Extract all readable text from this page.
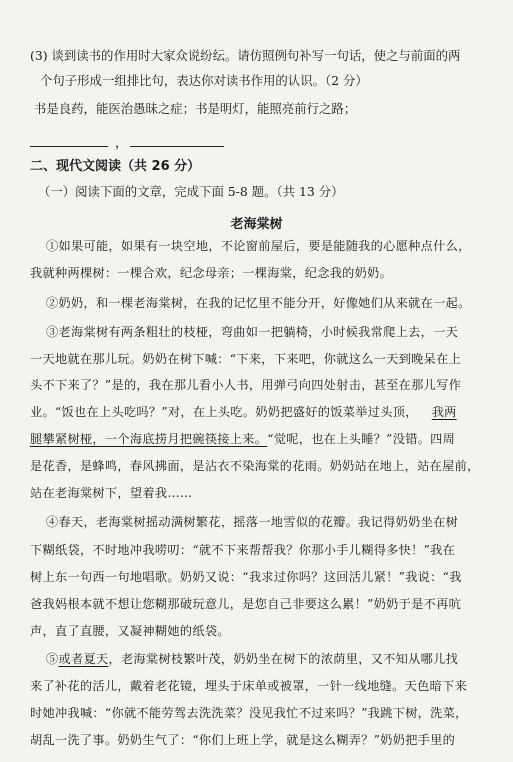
(3) 谈到读书的作用时大家众说纷纭。请仿照例句补写一句话，使之与前面的两
个句子形成一组排比句，表达你对读书作用的认识。（2 分）
书是良药，能医治愚昧之症；书是明灯，能照亮前行之路；
，
二、现代文阅读（共 26 分）
（一）阅读下面的文章，完成下面 5-8 题。（共 13 分）
老海棠树
①如果可能，如果有一块空地，不论窗前屋后，要是能随我的心愿种点什么，
我就种两棵树：一棵合欢，纪念母亲；一棵海棠，纪念我的奶奶。
②奶奶，和一棵老海棠树，在我的记忆里不能分开，好像她们从来就在一起。
③老海棠树有两条粗壮的枝桠，弯曲如一把躺椅，小时候我常爬上去，一天
一天地就在那儿玩。奶奶在树下喊：“下来，下来吧，你就这么一天到晚呆在上
头不下来了？”是的，我在那儿看小人书，用弹弓向四处射击，甚至在那儿写作
业。“饭也在上头吃吗？”对，在上头吃。奶奶把盛好的饭菜举过头顶， 我两
腿攀紧树桠，一个海底捞月把碗筷接上来。“觉呢，也在上头睡？”没错。四周
是花香，是蜂鸣，春风拂面，是沾衣不染海棠的花雨。奶奶站在地上，站在屋前，
站在老海棠树下，望着我……
④春天，老海棠树摇动满树繁花，摇落一地雪似的花瓣。我记得奶奶坐在树
下糊纸袋，不时地冲我唠叨：“就不下来帮帮我？你那小手儿糊得多快！”我在
树上东一句西一句地唱歌。奶奶又说：“我求过你吗？这回活儿紧！”我说：“我
爸我妈根本就不想让您糊那破玩意儿，是您自己非要这么累！”奶奶于是不再吭
声，直了直腰，又凝神糊她的纸袋。
⑤或者夏天，老海棠树枝繁叶茂，奶奶坐在树下的浓荫里，又不知从哪儿找
来了补花的活儿，戴着老花镜，埋头于床单或被罩，一针一线地缝。天色暗下来
时她冲我喊：“你就不能劳驾去洗洗菜？没见我忙不过来吗？”我跳下树，洗菜，
胡乱一洗了事。奶奶生气了：“你们上班上学，就是这么糊弄？”奶奶把手里的
